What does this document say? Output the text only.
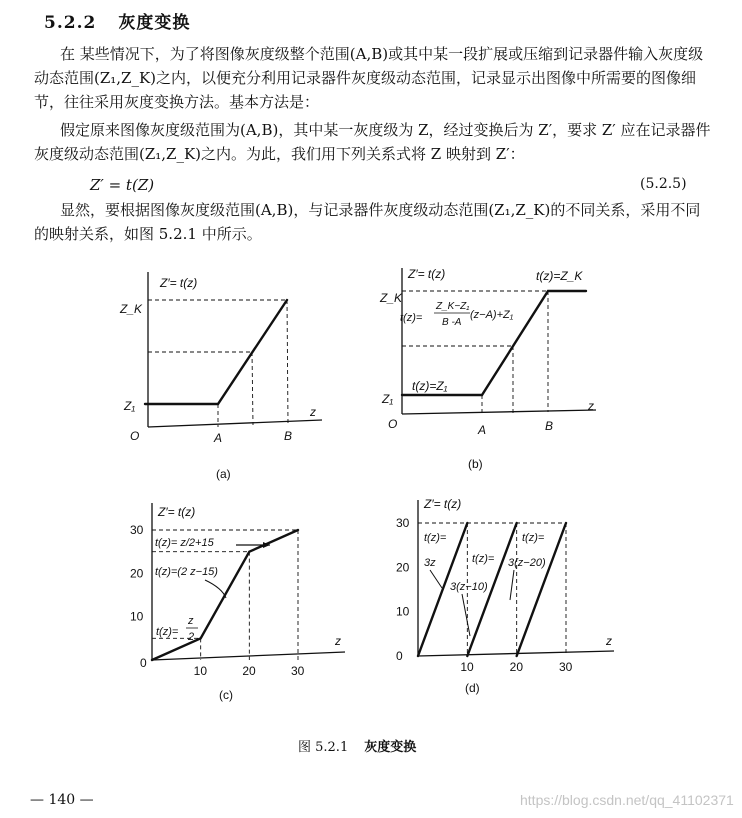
5.2.2 灰度变换
在 某些情况下，为了将图像灰度级整个范围(A,B)或其中某一段扩展或压缩到记录器件输入灰度级动态范围(Z₁,Z_K)之内，以便充分利用记录器件灰度级动态范围，记录显示出图像中所需要的图像细节，往往采用灰度变换方法。基本方法是：
假定原来图像灰度级范围为(A,B)，其中某一灰度级为 Z，经过变换后为 Z′，要求 Z′ 应在记录器件灰度级动态范围(Z₁,Z_K)之内。为此，我们用下列关系式将 Z 映射到 Z′：
Z′ = t(Z)	(5.2.5)
显然，要根据图像灰度级范围(A,B)，与记录器件灰度级动态范围(Z₁,Z_K)的不同关系，采用不同的映射关系，如图 5.2.1 中所示。
Z′= t(z)
z
O	A	B
Z₁
Z_K
(a)
Z′= t(z)
z
O	A	B
Z₁
Z_K
t(z)=Z₁
t(z)=Z_K
t(z)=
Z_K−Z₁
B -A
(z−A)+Z₁
(b)
Z′= t(z)
z
0
10	20	30
10
20
30
t(z)=
z
2
t(z)=(2 z−15)
t(z)= z/2+15
(c)
Z′= t(z)
z
10	20	30
0
10
20
30
t(z)=
3z	t(z)=
3(z−10)
t(z)=
3(z−20)
(d)
图 5.2.1 灰度变换
— 140 —	https://blog.csdn.net/qq_41102371
